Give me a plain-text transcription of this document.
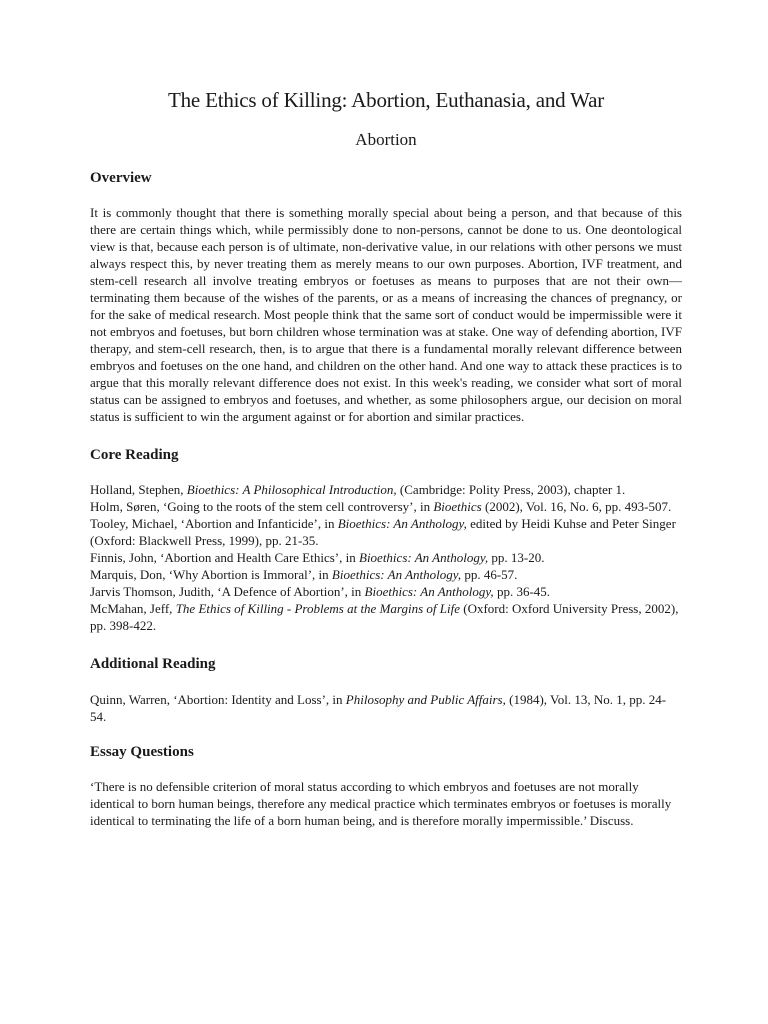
The Ethics of Killing: Abortion, Euthanasia, and War
Abortion
Overview

It is commonly thought that there is something morally special about being a person, and that because of this there are certain things which, while permissibly done to non-persons, cannot be done to us. One deontological view is that, because each person is of ultimate, non-derivative value, in our relations with other persons we must always respect this, by never treating them as merely means to our own purposes. Abortion, IVF treatment, and stem-cell research all involve treating embryos or foetuses as means to purposes that are not their own—terminating them because of the wishes of the parents, or as a means of increasing the chances of pregnancy, or for the sake of medical research. Most people think that the same sort of conduct would be impermissible were it not embryos and foetuses, but born children whose termination was at stake. One way of defending abortion, IVF therapy, and stem-cell research, then, is to argue that there is a fundamental morally relevant difference between embryos and foetuses on the one hand, and children on the other hand. And one way to attack these practices is to argue that this morally relevant difference does not exist. In this week's reading, we consider what sort of moral status can be assigned to embryos and foetuses, and whether, as some philosophers argue, our decision on moral status is sufficient to win the argument against or for abortion and similar practices.

Core Reading

Holland, Stephen, Bioethics: A Philosophical Introduction, (Cambridge: Polity Press, 2003), chapter 1.

Holm, Søren, ‘Going to the roots of the stem cell controversy’, in Bioethics (2002), Vol. 16, No. 6, pp. 493-507.

Tooley, Michael, ‘Abortion and Infanticide’, in Bioethics: An Anthology, edited by Heidi Kuhse and Peter Singer (Oxford: Blackwell Press, 1999), pp. 21-35.

Finnis, John, ‘Abortion and Health Care Ethics’, in Bioethics: An Anthology, pp. 13-20.

Marquis, Don, ‘Why Abortion is Immoral’, in Bioethics: An Anthology, pp. 46-57.

Jarvis Thomson, Judith, ‘A Defence of Abortion’, in Bioethics: An Anthology, pp. 36-45.

McMahan, Jeff, The Ethics of Killing - Problems at the Margins of Life (Oxford: Oxford University Press, 2002), pp. 398-422.

Additional Reading

Quinn, Warren, ‘Abortion: Identity and Loss’, in Philosophy and Public Affairs, (1984), Vol. 13, No. 1, pp. 24-54.

Essay Questions

‘There is no defensible criterion of moral status according to which embryos and foetuses are not morally identical to born human beings, therefore any medical practice which terminates embryos or foetuses is morally identical to terminating the life of a born human being, and is therefore morally impermissible.’ Discuss.
